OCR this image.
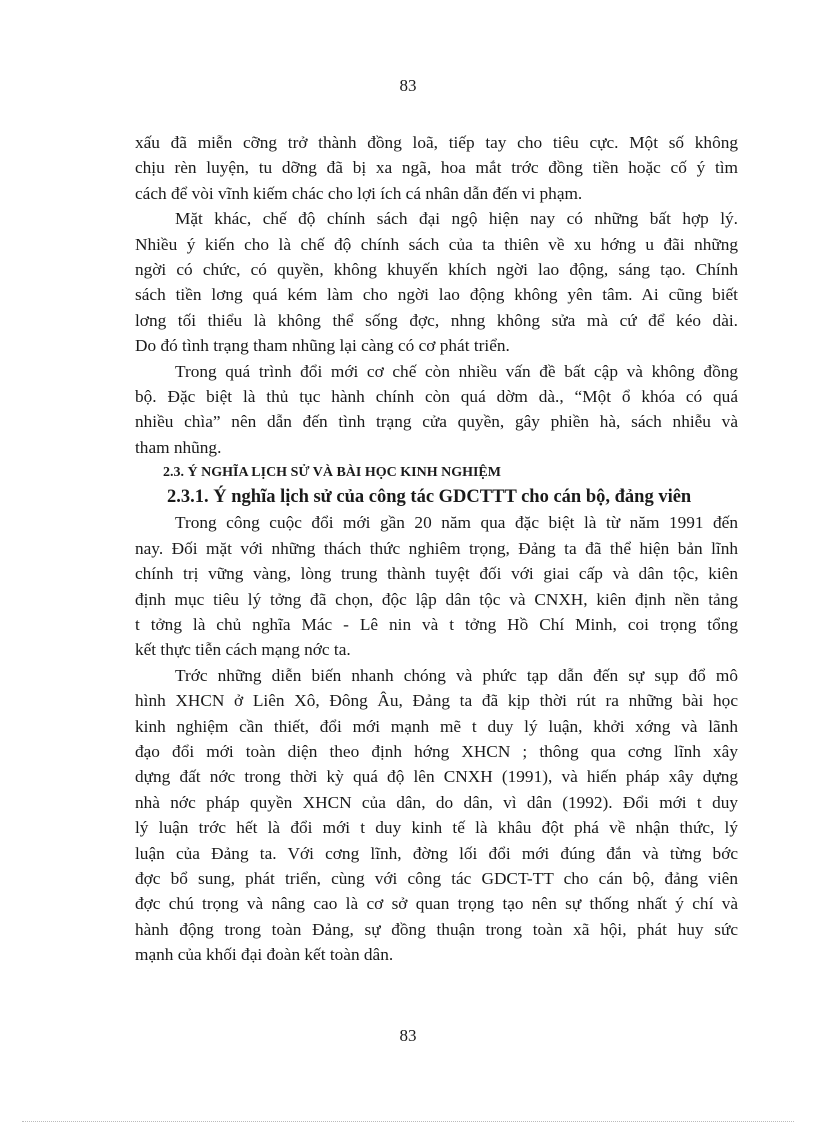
83
xấu đã miễn cỡng trở thành đồng loã, tiếp tay cho tiêu cực. Một số không
chịu rèn luyện, tu dỡng đã bị xa ngã, hoa mắt trớc đồng tiền hoặc cố ý tìm
cách để vòi vĩnh kiếm chác cho lợi ích cá nhân dẫn đến vi phạm.
Mặt khác, chế độ chính sách đại ngộ hiện nay có những bất hợp lý.
Nhiều ý kiến cho là chế độ chính sách của ta thiên về xu hớng u đãi những
ngời có chức, có quyền, không khuyến khích ngời lao động, sáng tạo. Chính
sách tiền lơng quá kém làm cho ngời lao động không yên tâm. Ai cũng biết
lơng tối thiểu là không thể sống đợc, nhng không sửa mà cứ để kéo dài.
Do đó tình trạng tham nhũng lại càng có cơ phát triển.
Trong quá trình đổi mới cơ chế còn nhiều vấn đề bất cập và không đồng
bộ. Đặc biệt là thủ tục hành chính còn quá dờm dà., “Một ổ khóa có quá
nhiều chìa” nên dẫn đến tình trạng cửa quyền, gây phiền hà, sách nhiễu và
tham nhũng.
2.3. Ý NGHĨA LỊCH SỬ VÀ BÀI HỌC KINH NGHIỆM
2.3.1. Ý nghĩa lịch sử của công tác GDCTTT cho cán bộ, đảng viên
Trong công cuộc đổi mới gần 20 năm qua đặc biệt là từ năm 1991 đến
nay. Đối mặt với những thách thức nghiêm trọng, Đảng ta đã thể hiện bản lĩnh
chính trị vững vàng, lòng trung thành tuyệt đối với giai cấp và dân tộc, kiên
định mục tiêu lý tởng đã chọn, độc lập dân tộc và CNXH, kiên định nền tảng
t tởng là chủ nghĩa Mác - Lê nin và t tởng Hồ Chí Minh, coi trọng tổng
kết thực tiễn cách mạng nớc ta.
Trớc những diễn biến nhanh chóng và phức tạp dẫn đến sự sụp đổ mô
hình XHCN ở Liên Xô, Đông Âu, Đảng ta đã kịp thời rút ra những bài học
kinh nghiệm cần thiết, đổi mới mạnh mẽ t duy lý luận, khởi xớng và lãnh
đạo đổi mới toàn diện theo định hớng XHCN ; thông qua cơng lĩnh xây
dựng đất nớc trong thời kỳ quá độ lên CNXH (1991), và hiến pháp xây dựng
nhà nớc pháp quyền XHCN của dân, do dân, vì dân (1992). Đổi mới t duy
lý luận trớc hết là đổi mới t duy kinh tế là khâu đột phá về nhận thức, lý
luận của Đảng ta. Với cơng lĩnh, đờng lối đổi mới đúng đắn và từng bớc
đợc bổ sung, phát triển, cùng với công tác GDCT-TT cho cán bộ, đảng viên
đợc chú trọng và nâng cao là cơ sở quan trọng tạo nên sự thống nhất ý chí và
hành động trong toàn Đảng, sự đồng thuận trong toàn xã hội, phát huy sức
mạnh của khối đại đoàn kết toàn dân.
83
